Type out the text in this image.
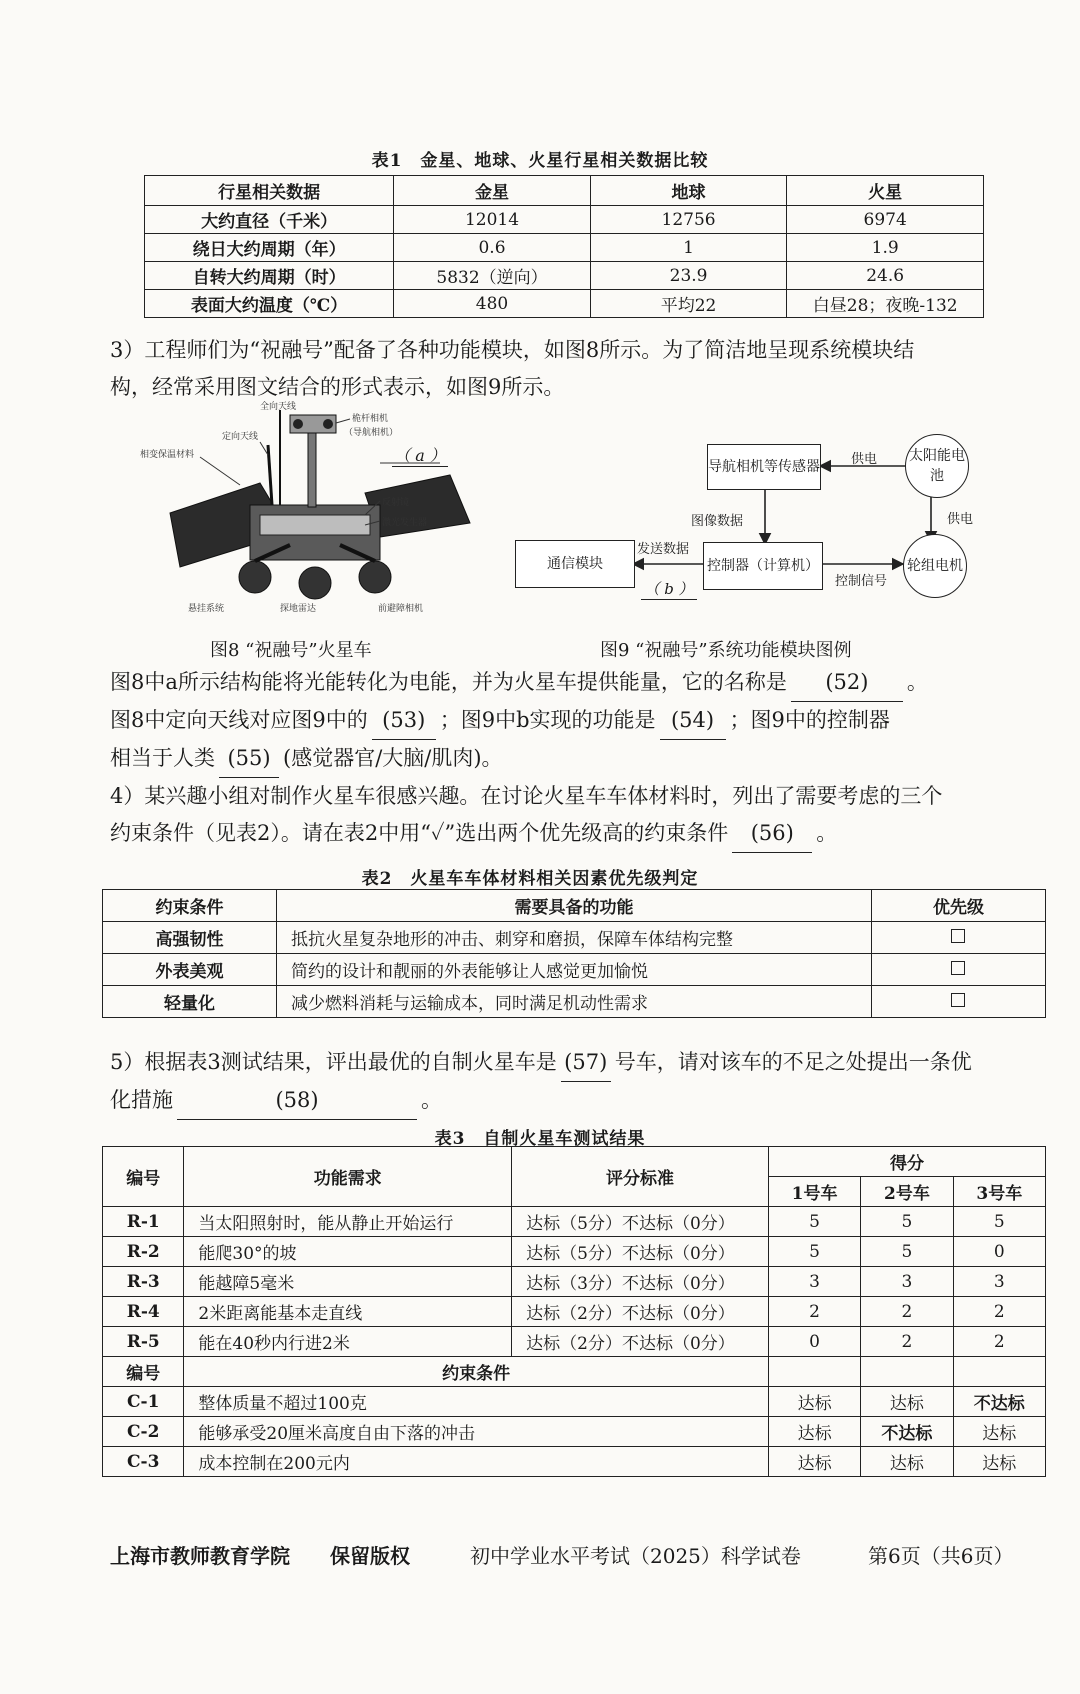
表1　金星、地球、火星行星相关数据比较
行星相关数据	金星	地球	火星
大约直径（千米）	12014	12756	6974
绕日大约周期（年）	0.6	1	1.9
自转大约周期（时）	5832（逆向）	23.9	24.6
表面大约温度（℃）	480	平均22	白昼28；夜晚-132
3）工程师们为“祝融号”配备了各种功能模块，如图8所示。为了简洁地呈现系统模块结
构，经常采用图文结合的形式表示，如图9所示。
全向天线
定向天线
相变保温材料
桅杆相机
（导航相机）
（ a ）
反射镜
激光发生器
悬挂系统	探地雷达	前避障相机
图8 “祝融号”火星车
导航相机等传感器
太阳能电池
供电
供电
图像数据
通信模块
发送数据
（ b ）
控制器（计算机）
控制信号
轮组电机
图9 “祝融号”系统功能模块图例
图8中a所示结构能将光能转化为电能，并为火星车提供能量，它的名称是 (52) 。
图8中定向天线对应图9中的 (53) ；图9中b实现的功能是 (54) ；图9中的控制器
相当于人类 (55) (感觉器官/大脑/肌肉)。
4）某兴趣小组对制作火星车很感兴趣。在讨论火星车车体材料时，列出了需要考虑的三个
约束条件（见表2）。请在表2中用“✓”选出两个优先级高的约束条件 (56) 。
表2　火星车车体材料相关因素优先级判定
约束条件	需要具备的功能	优先级
高强韧性	抵抗火星复杂地形的冲击、刺穿和磨损，保障车体结构完整	
外表美观	简约的设计和靓丽的外表能够让人感觉更加愉悦	
轻量化	减少燃料消耗与运输成本，同时满足机动性需求	
5）根据表3测试结果，评出最优的自制火星车是 (57) 号车，请对该车的不足之处提出一条优
化措施	(58)	。
表3　自制火星车测试结果
编号	功能需求	评分标准	得分		
			1号车	2号车	3号车
R-1	当太阳照射时，能从静止开始运行	达标（5分）不达标（0分）	5	5	5
R-2	能爬30°的坡	达标（5分）不达标（0分）	5	5	0
R-3	能越障5毫米	达标（3分）不达标（0分）	3	3	3
R-4	2米距离能基本走直线	达标（2分）不达标（0分）	2	2	2
R-5	能在40秒内行进2米	达标（2分）不达标（0分）	0	2	2
编号	约束条件				
C-1	整体质量不超过100克		达标	达标	不达标
C-2	能够承受20厘米高度自由下落的冲击		达标	不达标	达标
C-3	成本控制在200元内		达标	达标	达标
上海市教师教育学院 保留版权	初中学业水平考试（2025）科学试卷	第6页（共6页）
